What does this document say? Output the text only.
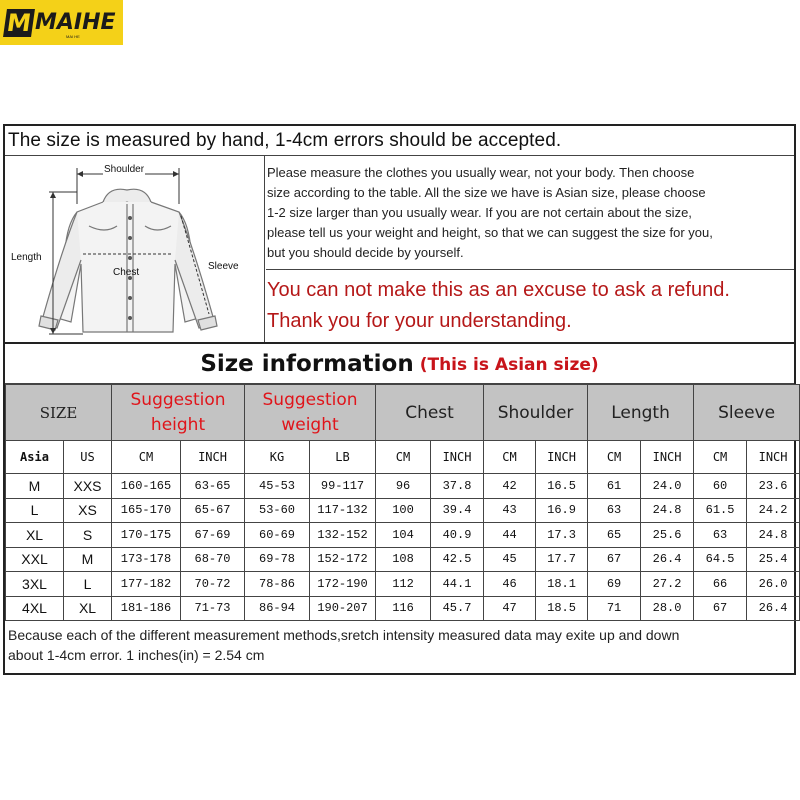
M MAIHE
MAI HE
The size is measured by hand, 1-4cm errors should be accepted.
Shoulder
Length
Chest
Sleeve

Please measure the clothes you usually wear, not your body. Then choose

size according to the table. All the size we have is Asian size, please choose

1-2 size larger than you usually wear. If you are not certain about the size,

please tell us your weight and height, so that we can suggest the size for you,

but you should decide by yourself.

You can not make this as an excuse to ask a refund.

Thank you for your understanding.

Size information (This is Asian size)
SIZE		Suggestion height		Suggestion weight		Chest		Shoulder		Length		Sleeve	
Asia	US	CM	INCH	KG	LB	CM	INCH	CM	INCH	CM	INCH	CM	INCH
M	XXS	160-165	63-65	45-53	99-117	96	37.8	42	16.5	61	24.0	60	23.6
L	XS	165-170	65-67	53-60	117-132	100	39.4	43	16.9	63	24.8	61.5	24.2
XL	S	170-175	67-69	60-69	132-152	104	40.9	44	17.3	65	25.6	63	24.8
XXL	M	173-178	68-70	69-78	152-172	108	42.5	45	17.7	67	26.4	64.5	25.4
3XL	L	177-182	70-72	78-86	172-190	112	44.1	46	18.1	69	27.2	66	26.0
4XL	XL	181-186	71-73	86-94	190-207	116	45.7	47	18.5	71	28.0	67	26.4
Because each of the different measurement methods,sretch intensity measured data may exite up and down
about 1-4cm error. 1 inches(in) = 2.54 cm
